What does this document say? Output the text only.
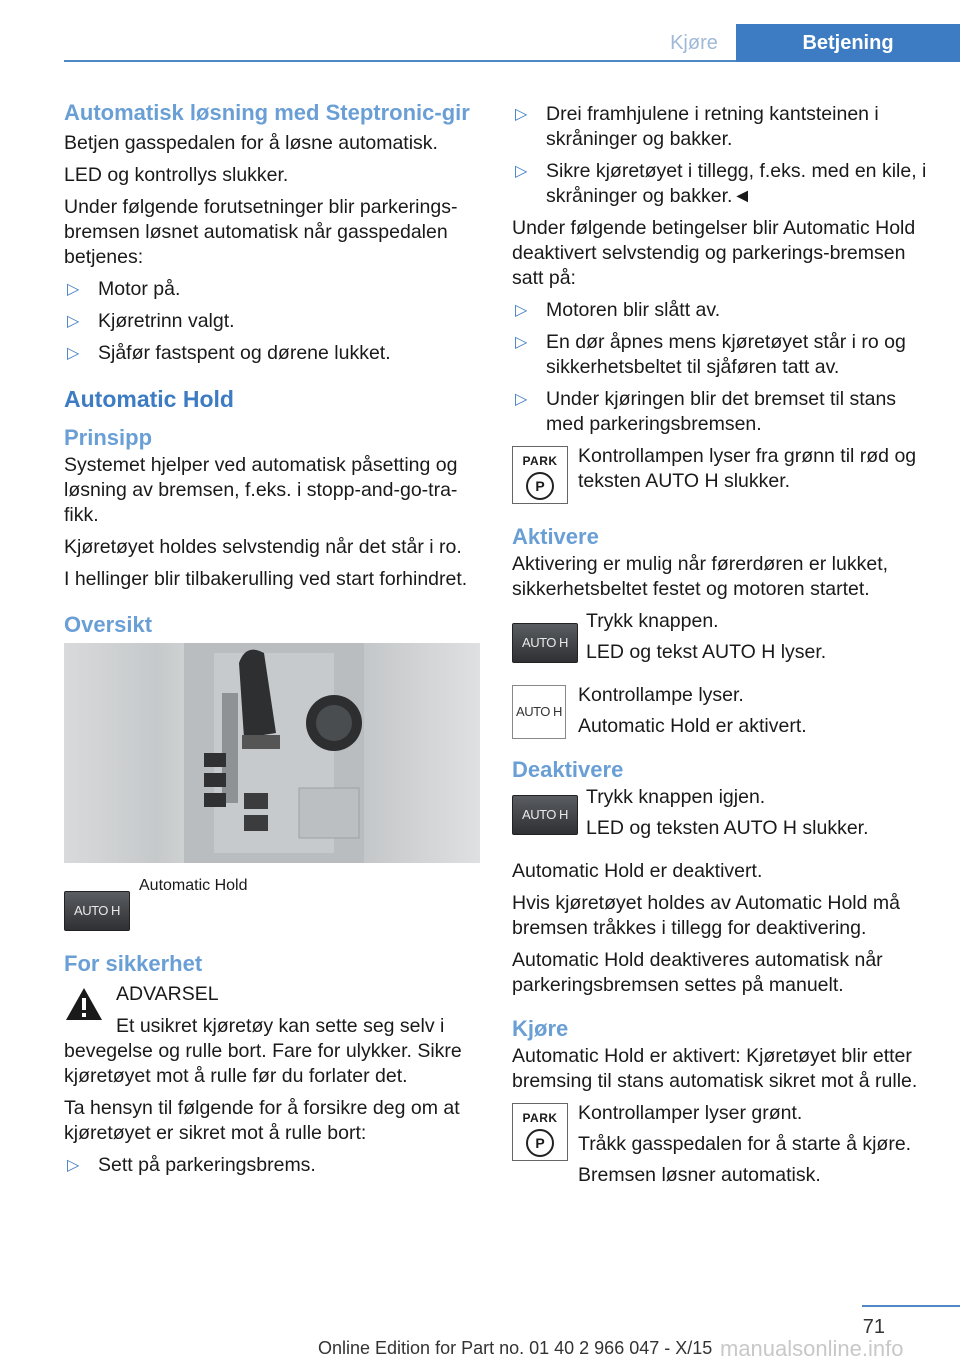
Kjøre	Betjening
Automatisk løsning med Steptronic-gir

Betjen gasspedalen for å løsne automatisk.

LED og kontrollys slukker.

Under følgende forutsetninger blir parkerings-bremsen løsnet automatisk når gasspedalen betjenes:

▷ Motor på.
▷ Kjøretrinn valgt.
▷ Sjåfør fastspent og dørene lukket.
Automatic Hold
Prinsipp

Systemet hjelper ved automatisk påsetting og løsning av bremsen, f.eks. i stopp-and-go-tra-fikk.

Kjøretøyet holdes selvstendig når det står i ro.

I hellinger blir tilbakerulling ved start forhindret.

Oversikt
AUTO H
Automatic Hold
For sikkerhet

ADVARSEL

Et usikret kjøretøy kan sette seg selv i bevegelse og rulle bort. Fare for ulykker. Sikre kjøretøyet mot å rulle før du forlater det.

Ta hensyn til følgende for å forsikre deg om at kjøretøyet er sikret mot å rulle bort:

▷ Sett på parkeringsbrems.
▷ Drei framhjulene i retning kantsteinen i skråninger og bakker.
▷ Sikre kjøretøyet i tillegg, f.eks. med en kile, i skråninger og bakker.◄

Under følgende betingelser blir Automatic Hold deaktivert selvstendig og parkerings-bremsen satt på:

▷ Motoren blir slått av.
▷ En dør åpnes mens kjøretøyet står i ro og sikkerhetsbeltet til sjåføren tatt av.
▷ Under kjøringen blir det bremset til stans med parkeringsbremsen.
PARK
P

Kontrollampen lyser fra grønn til rød og teksten AUTO H slukker.

Aktivere

Aktivering er mulig når førerdøren er lukket, sikkerhetsbeltet festet og motoren startet.

AUTO H

Trykk knappen.

LED og tekst AUTO H lyser.

AUTO H

Kontrollampe lyser.

Automatic Hold er aktivert.

Deaktivere
AUTO H

Trykk knappen igjen.

LED og teksten AUTO H slukker.

Automatic Hold er deaktivert.

Hvis kjøretøyet holdes av Automatic Hold må bremsen tråkkes i tillegg for deaktivering.

Automatic Hold deaktiveres automatisk når parkeringsbremsen settes på manuelt.

Kjøre

Automatic Hold er aktivert: Kjøretøyet blir etter bremsing til stans automatisk sikret mot å rulle.

PARK
P

Kontrollamper lyser grønt.

Tråkk gasspedalen for å starte å kjøre.

Bremsen løsner automatisk.

71
Online Edition for Part no. 01 40 2 966 047 - X/15 manualsonline.info
